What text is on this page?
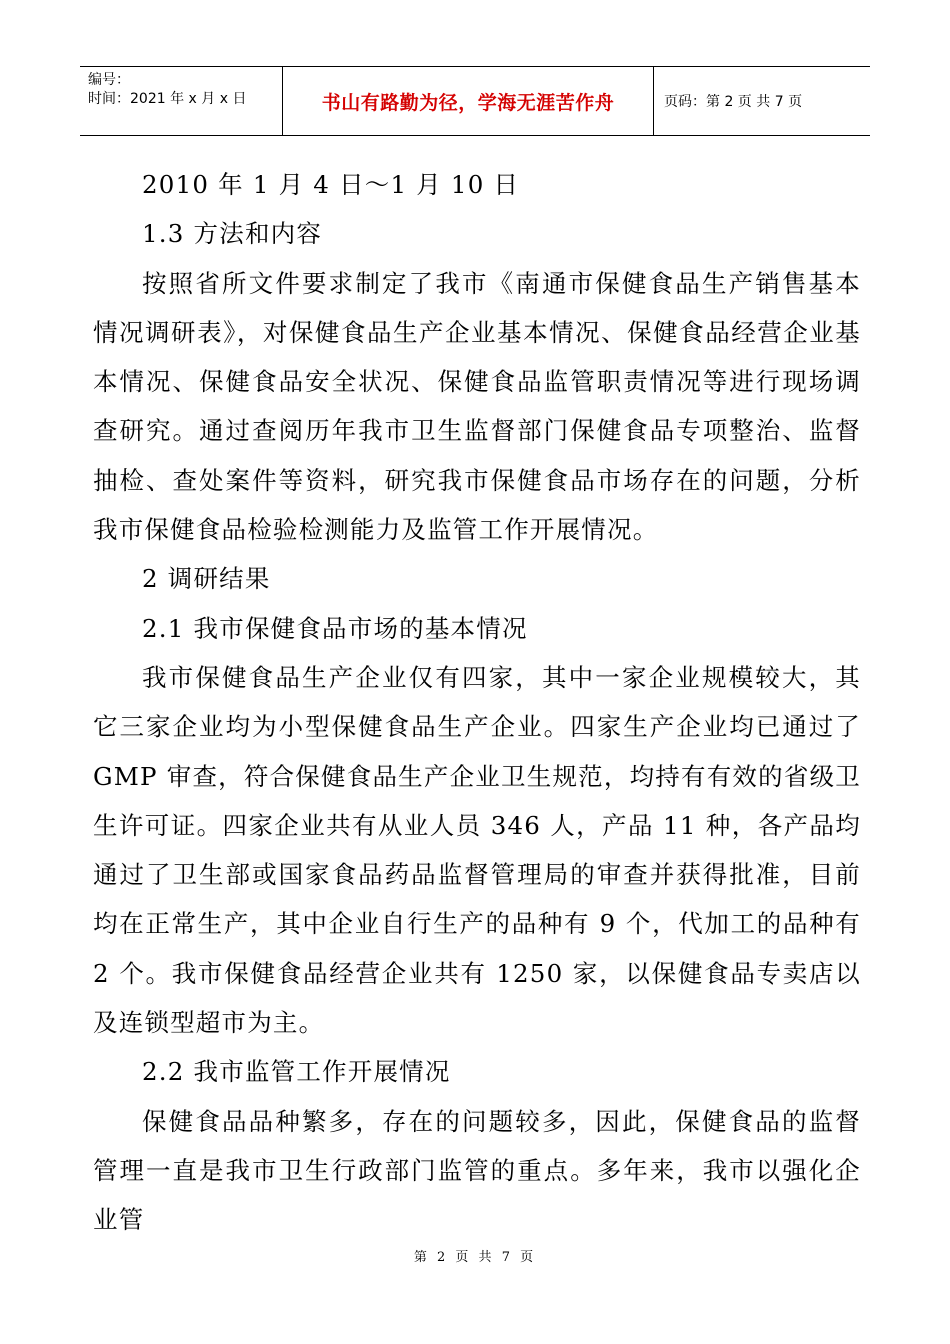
编号：
时间：2021 年 x 月 x 日	书山有路勤为径，学海无涯苦作舟	页码：第 2 页 共 7 页

2010 年 1 月 4 日～1 月 10 日

1.3 方法和内容

按照省所文件要求制定了我市《南通市保健食品生产销售基本情况调研表》，对保健食品生产企业基本情况、保健食品经营企业基本情况、保健食品安全状况、保健食品监管职责情况等进行现场调查研究。通过查阅历年我市卫生监督部门保健食品专项整治、监督抽检、查处案件等资料，研究我市保健食品市场存在的问题，分析我市保健食品检验检测能力及监管工作开展情况。

2 调研结果

2.1 我市保健食品市场的基本情况

我市保健食品生产企业仅有四家，其中一家企业规模较大，其它三家企业均为小型保健食品生产企业。四家生产企业均已通过了 GMP 审查，符合保健食品生产企业卫生规范，均持有有效的省级卫生许可证。四家企业共有从业人员 346 人，产品 11 种，各产品均通过了卫生部或国家食品药品监督管理局的审查并获得批准，目前均在正常生产，其中企业自行生产的品种有 9 个，代加工的品种有 2 个。我市保健食品经营企业共有 1250 家，以保健食品专卖店以及连锁型超市为主。

2.2 我市监管工作开展情况

保健食品品种繁多，存在的问题较多，因此，保健食品的监督管理一直是我市卫生行政部门监管的重点。多年来，我市以强化企业管

第 2 页 共 7 页
